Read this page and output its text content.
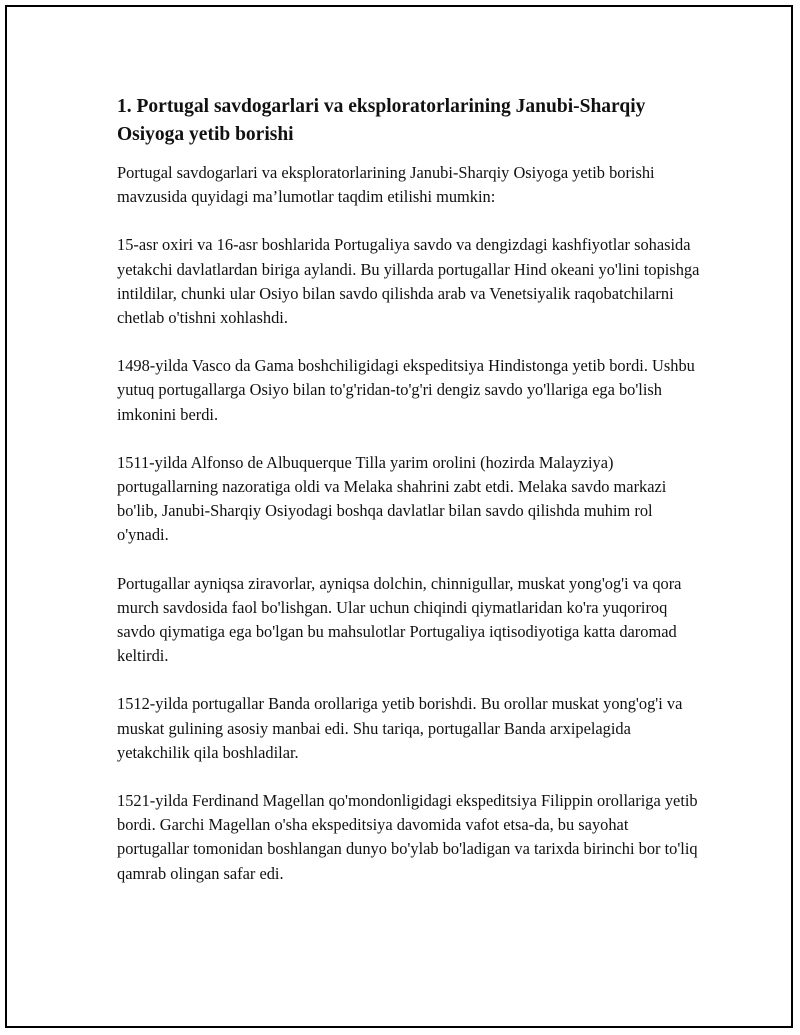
1. Portugal savdogarlari va eksploratorlarining Janubi-Sharqiy Osiyoga yetib borishi

Portugal savdogarlari va eksploratorlarining Janubi-Sharqiy Osiyoga yetib borishi mavzusida quyidagi ma’lumotlar taqdim etilishi mumkin:

15-asr oxiri va 16-asr boshlarida Portugaliya savdo va dengizdagi kashfiyotlar sohasida yetakchi davlatlardan biriga aylandi. Bu yillarda portugallar Hind okeani yo'lini topishga intildilar, chunki ular Osiyo bilan savdo qilishda arab va Venetsiyalik raqobatchilarni chetlab o'tishni xohlashdi.

1498-yilda Vasco da Gama boshchiligidagi ekspeditsiya Hindistonga yetib bordi. Ushbu yutuq portugallarga Osiyo bilan to'g'ridan-to'g'ri dengiz savdo yo'llariga ega bo'lish imkonini berdi.

1511-yilda Alfonso de Albuquerque Tilla yarim orolini (hozirda Malayziya) portugallarning nazoratiga oldi va Melaka shahrini zabt etdi. Melaka savdo markazi bo'lib, Janubi-Sharqiy Osiyodagi boshqa davlatlar bilan savdo qilishda muhim rol o'ynadi.

Portugallar ayniqsa ziravorlar, ayniqsa dolchin, chinnigullar, muskat yong'og'i va qora murch savdosida faol bo'lishgan. Ular uchun chiqindi qiymatlaridan ko'ra yuqoriroq savdo qiymatiga ega bo'lgan bu mahsulotlar Portugaliya iqtisodiyotiga katta daromad keltirdi.

1512-yilda portugallar Banda orollariga yetib borishdi. Bu orollar muskat yong'og'i va muskat gulining asosiy manbai edi. Shu tariqa, portugallar Banda arxipelagida yetakchilik qila boshladilar.

1521-yilda Ferdinand Magellan qo'mondonligidagi ekspeditsiya Filippin orollariga yetib bordi. Garchi Magellan o'sha ekspeditsiya davomida vafot etsa-da, bu sayohat portugallar tomonidan boshlangan dunyo bo'ylab bo'ladigan va tarixda birinchi bor to'liq qamrab olingan safar edi.
